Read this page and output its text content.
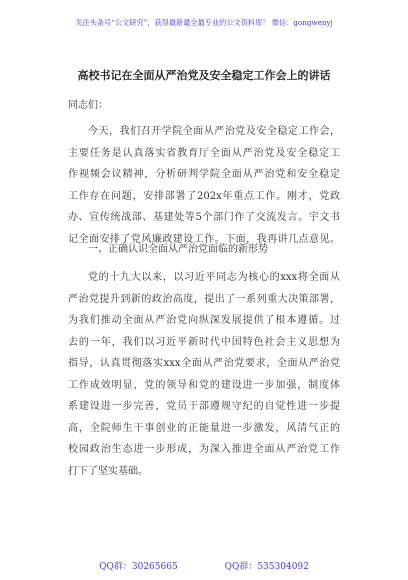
关注头条号“公文研究”，获得最新最全最专业的公文资料库！ 微信：gongwenyj
高校书记在全面从严治党及安全稳定工作会上的讲话
同志们：
今天，我们召开学院全面从严治党及安全稳定工作会，
主要任务是认真落实省教育厅全面从严治党及安全稳定工
作视频会议精神，分析研判学院全面从严治党和安全稳定
工作存在问题，安排部署了202x年重点工作。刚才，党政
办、宣传统战部、基建处等5个部门作了交流发言。宇文书
记全面安排了党风廉政建设工作。下面，我再讲几点意见。
一、正确认识全面从严治党面临的新形势
党的十九大以来，以习近平同志为核心的xxx将全面从
严治党提升到新的政治高度，提出了一系列重大决策部署，
为我们推动全面从严治党向纵深发展提供了根本遵循。过
去的一年，我们以习近平新时代中国特色社会主义思想为
指导，认真贯彻落实xxx全面从严治党要求，全面从严治党
工作成效明显，党的领导和党的建设进一步加强，制度体
系建设进一步完善，党员干部遵规守纪的自觉性进一步提
高，全院师生干事创业的正能量进一步激发，风清气正的
校园政治生态进一步形成，为深入推进全面从严治党工作
打下了坚实基础。
QQ群：30265665	QQ群：535304092
